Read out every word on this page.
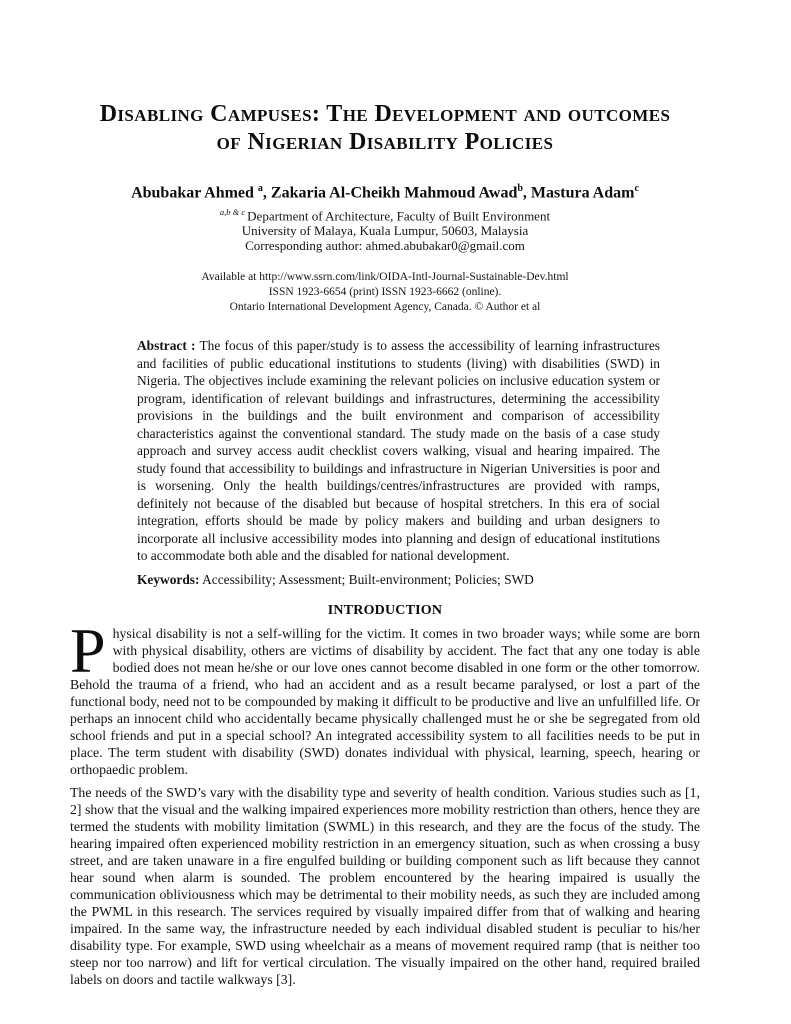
Disabling Campuses: The Development and outcomes
of Nigerian Disability Policies

Abubakar Ahmed $^a$, Zakaria Al-Cheikh Mahmoud Awad$^b$, Mastura Adam$^c$

$^{a,b \& c}$ Department of Architecture, Faculty of Built Environment
University of Malaya, Kuala Lumpur, 50603, Malaysia
Corresponding author: ahmed.abubakar0@gmail.com
Available at http://www.ssrn.com/link/OIDA-Intl-Journal-Sustainable-Dev.html
ISSN 1923-6654 (print) ISSN 1923-6662 (online).
Ontario International Development Agency, Canada. © Author et al

Abstract : The focus of this paper/study is to assess the accessibility of learning infrastructures and facilities of public educational institutions to students (living) with disabilities (SWD) in Nigeria. The objectives include examining the relevant policies on inclusive education system or program, identification of relevant buildings and infrastructures, determining the accessibility provisions in the buildings and the built environment and comparison of accessibility characteristics against the conventional standard. The study made on the basis of a case study approach and survey access audit checklist covers walking, visual and hearing impaired. The study found that accessibility to buildings and infrastructure in Nigerian Universities is poor and is worsening. Only the health buildings/centres/infrastructures are provided with ramps, definitely not because of the disabled but because of hospital stretchers. In this era of social integration, efforts should be made by policy makers and building and urban designers to incorporate all inclusive accessibility modes into planning and design of educational institutions to accommodate both able and the disabled for national development.

Keywords: Accessibility; Assessment; Built-environment; Policies; SWD

INTRODUCTION

Physical disability is not a self-willing for the victim. It comes in two broader ways; while some are born with physical disability, others are victims of disability by accident. The fact that any one today is able bodied does not mean he/she or our love ones cannot become disabled in one form or the other tomorrow. Behold the trauma of a friend, who had an accident and as a result became paralysed, or lost a part of the functional body, need not to be compounded by making it difficult to be productive and live an unfulfilled life. Or perhaps an innocent child who accidentally became physically challenged must he or she be segregated from old school friends and put in a special school? An integrated accessibility system to all facilities needs to be put in place. The term student with disability (SWD) donates individual with physical, learning, speech, hearing or orthopaedic problem.

The needs of the SWD’s vary with the disability type and severity of health condition. Various studies such as [1, 2] show that the visual and the walking impaired experiences more mobility restriction than others, hence they are termed the students with mobility limitation (SWML) in this research, and they are the focus of the study. The hearing impaired often experienced mobility restriction in an emergency situation, such as when crossing a busy street, and are taken unaware in a fire engulfed building or building component such as lift because they cannot hear sound when alarm is sounded. The problem encountered by the hearing impaired is usually the communication obliviousness which may be detrimental to their mobility needs, as such they are included among the PWML in this research. The services required by visually impaired differ from that of walking and hearing impaired. In the same way, the infrastructure needed by each individual disabled student is peculiar to his/her disability type. For example, SWD using wheelchair as a means of movement required ramp (that is neither too steep nor too narrow) and lift for vertical circulation. The visually impaired on the other hand, required brailed labels on doors and tactile walkways [3].
